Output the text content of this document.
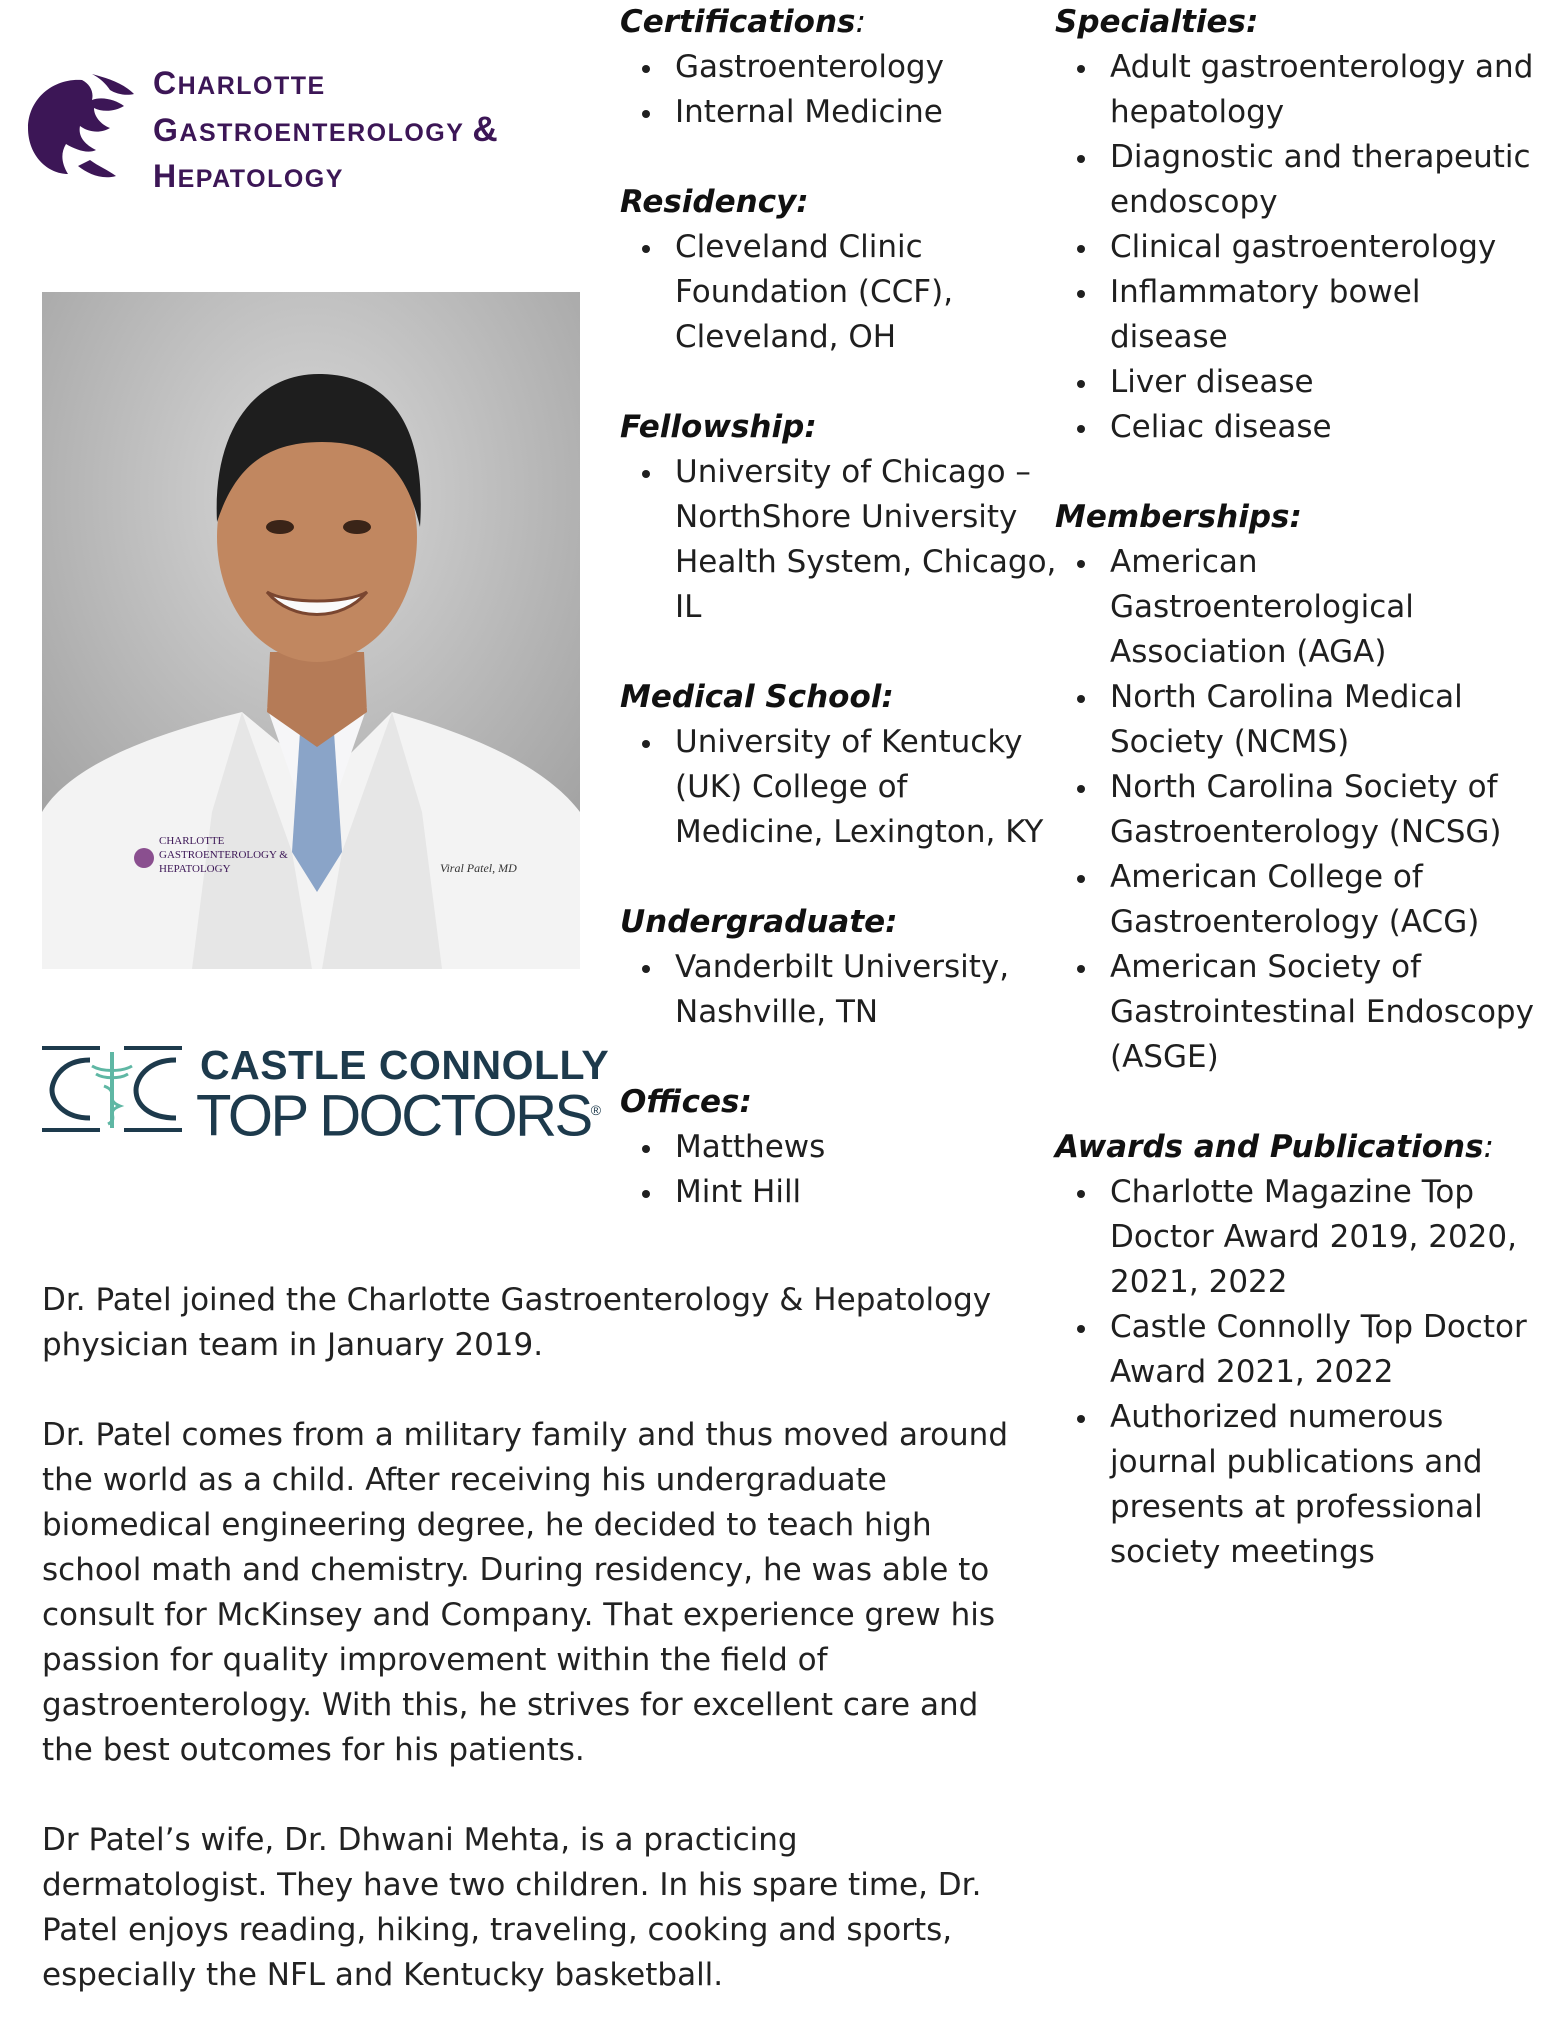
CHARLOTTE
GASTROENTEROLOGY &
HEPATOLOGY
CHARLOTTE
GASTROENTEROLOGY &
HEPATOLOGY	Viral Patel, MD
CASTLE CONNOLLY
TOP DOCTORS®
Certifications:
Gastroenterology
Internal Medicine
Residency:
Cleveland Clinic Foundation (CCF), Cleveland, OH
Fellowship:
University of Chicago – NorthShore University Health System, Chicago, IL
Medical School:
University of Kentucky (UK) College of Medicine, Lexington, KY
Undergraduate:
Vanderbilt University, Nashville, TN
Offices:
Matthews
Mint Hill
Specialties:
Adult gastroenterology and hepatology
Diagnostic and therapeutic endoscopy
Clinical gastroenterology
Inflammatory bowel disease
Liver disease
Celiac disease
Memberships:
American Gastroenterological Association (AGA)
North Carolina Medical Society (NCMS)
North Carolina Society of Gastroenterology (NCSG)
American College of Gastroenterology (ACG)
American Society of Gastrointestinal Endoscopy (ASGE)
Awards and Publications:
Charlotte Magazine Top Doctor Award 2019, 2020, 2021, 2022
Castle Connolly Top Doctor Award 2021, 2022
Authorized numerous journal publications and presents at professional society meetings

Dr. Patel joined the Charlotte Gastroenterology & Hepatology physician team in January 2019.

Dr. Patel comes from a military family and thus moved around the world as a child. After receiving his undergraduate biomedical engineering degree, he decided to teach high school math and chemistry. During residency, he was able to consult for McKinsey and Company. That experience grew his passion for quality improvement within the field of gastroenterology. With this, he strives for excellent care and the best outcomes for his patients.

Dr Patel’s wife, Dr. Dhwani Mehta, is a practicing dermatologist. They have two children. In his spare time, Dr. Patel enjoys reading, hiking, traveling, cooking and sports, especially the NFL and Kentucky basketball.
